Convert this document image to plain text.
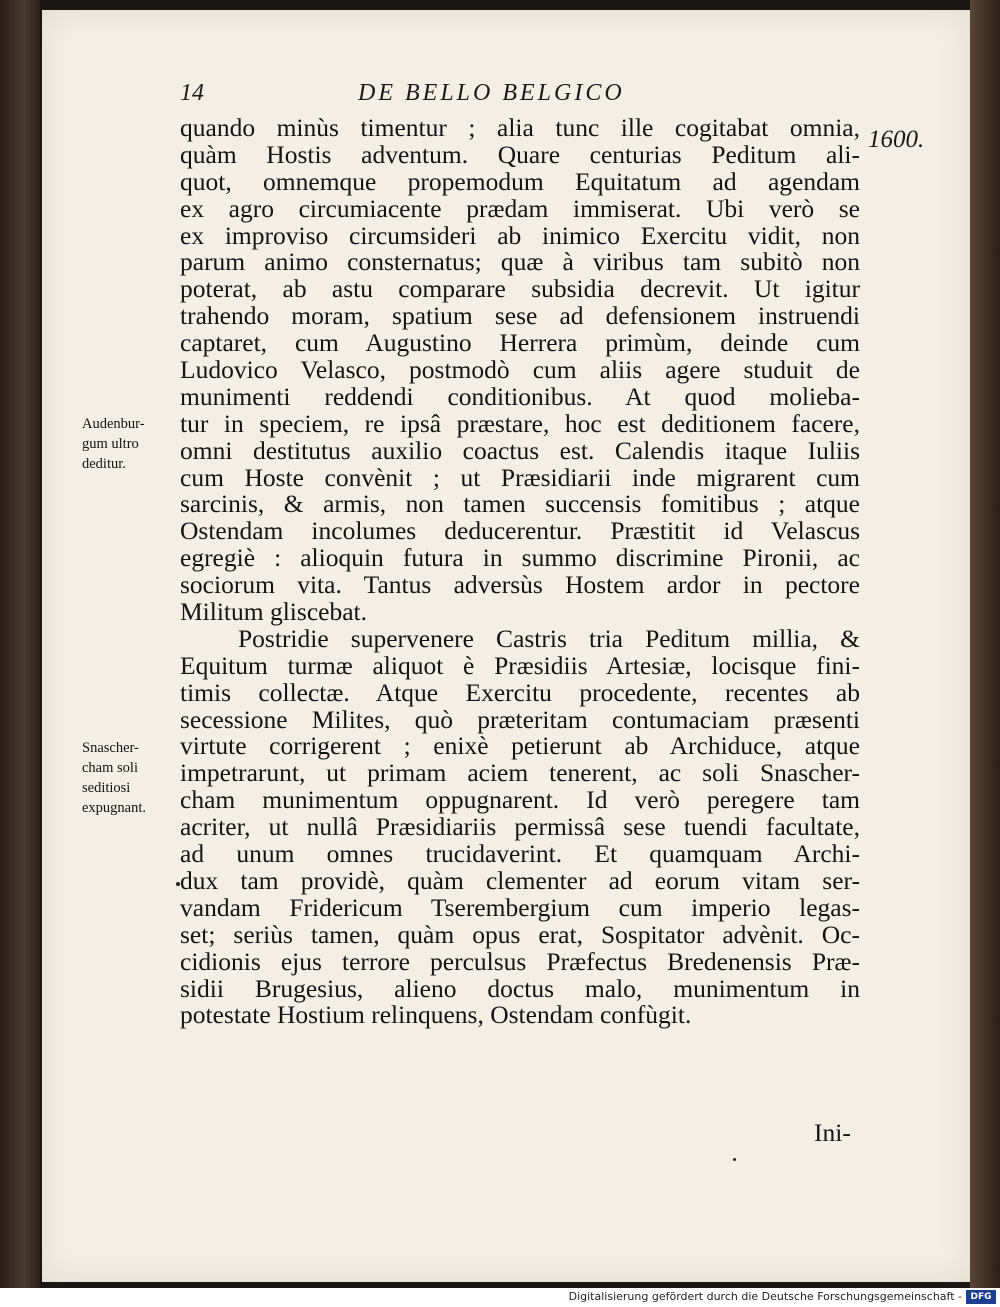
14	DE BELLO BELGICO
1600.
quando minùs timentur ; alia tunc ille cogitabat omnia,
quàm Hostis adventum. Quare centurias Peditum ali-
quot, omnemque propemodum Equitatum ad agendam
ex agro circumiacente prædam immiserat. Ubi verò se
ex improviso circumsideri ab inimico Exercitu vidit, non
parum animo consternatus; quæ à viribus tam subitò non
poterat, ab astu comparare subsidia decrevit. Ut igitur
trahendo moram, spatium sese ad defensionem instruendi
captaret, cum Augustino Herrera primùm, deinde cum
Ludovico Velasco, postmodò cum aliis agere studuit de
munimenti reddendi conditionibus. At quod molieba-
tur in speciem, re ipsâ præstare, hoc est deditionem facere,
omni destitutus auxilio coactus est. Calendis itaque Iuliis
cum Hoste convènit ; ut Præsidiarii inde migrarent cum
sarcinis, & armis, non tamen succensis fomitibus ; atque
Ostendam incolumes deducerentur. Præstitit id Velascus
egregiè : alioquin futura in summo discrimine Pironii, ac
sociorum vita. Tantus adversùs Hostem ardor in pectore
Militum gliscebat.
Postridie supervenere Castris tria Peditum millia, &
Equitum turmæ aliquot è Præsidiis Artesiæ, locisque fini-
timis collectæ. Atque Exercitu procedente, recentes ab
secessione Milites, quò præteritam contumaciam præsenti
virtute corrigerent ; enixè petierunt ab Archiduce, atque
impetrarunt, ut primam aciem tenerent, ac soli Snascher-
cham munimentum oppugnarent. Id verò peregere tam
acriter, ut nullâ Præsidiariis permissâ sese tuendi facultate,
ad unum omnes trucidaverint. Et quamquam Archi-
dux tam providè, quàm clementer ad eorum vitam ser-
vandam Fridericum Tserembergium cum imperio legas-
set; seriùs tamen, quàm opus erat, Sospitator advènit. Oc-
cidionis ejus terrore perculsus Præfectus Bredenensis Præ-
sidii Brugesius, alieno doctus malo, munimentum in
potestate Hostium relinquens, Ostendam confùgit.
Ini-
Audenbur-
gum ultro
deditur.
Snascher-
cham soli
seditiosi
expugnant.
Digitalisierung gefördert durch die Deutsche Forschungsgemeinschaft - DFG
